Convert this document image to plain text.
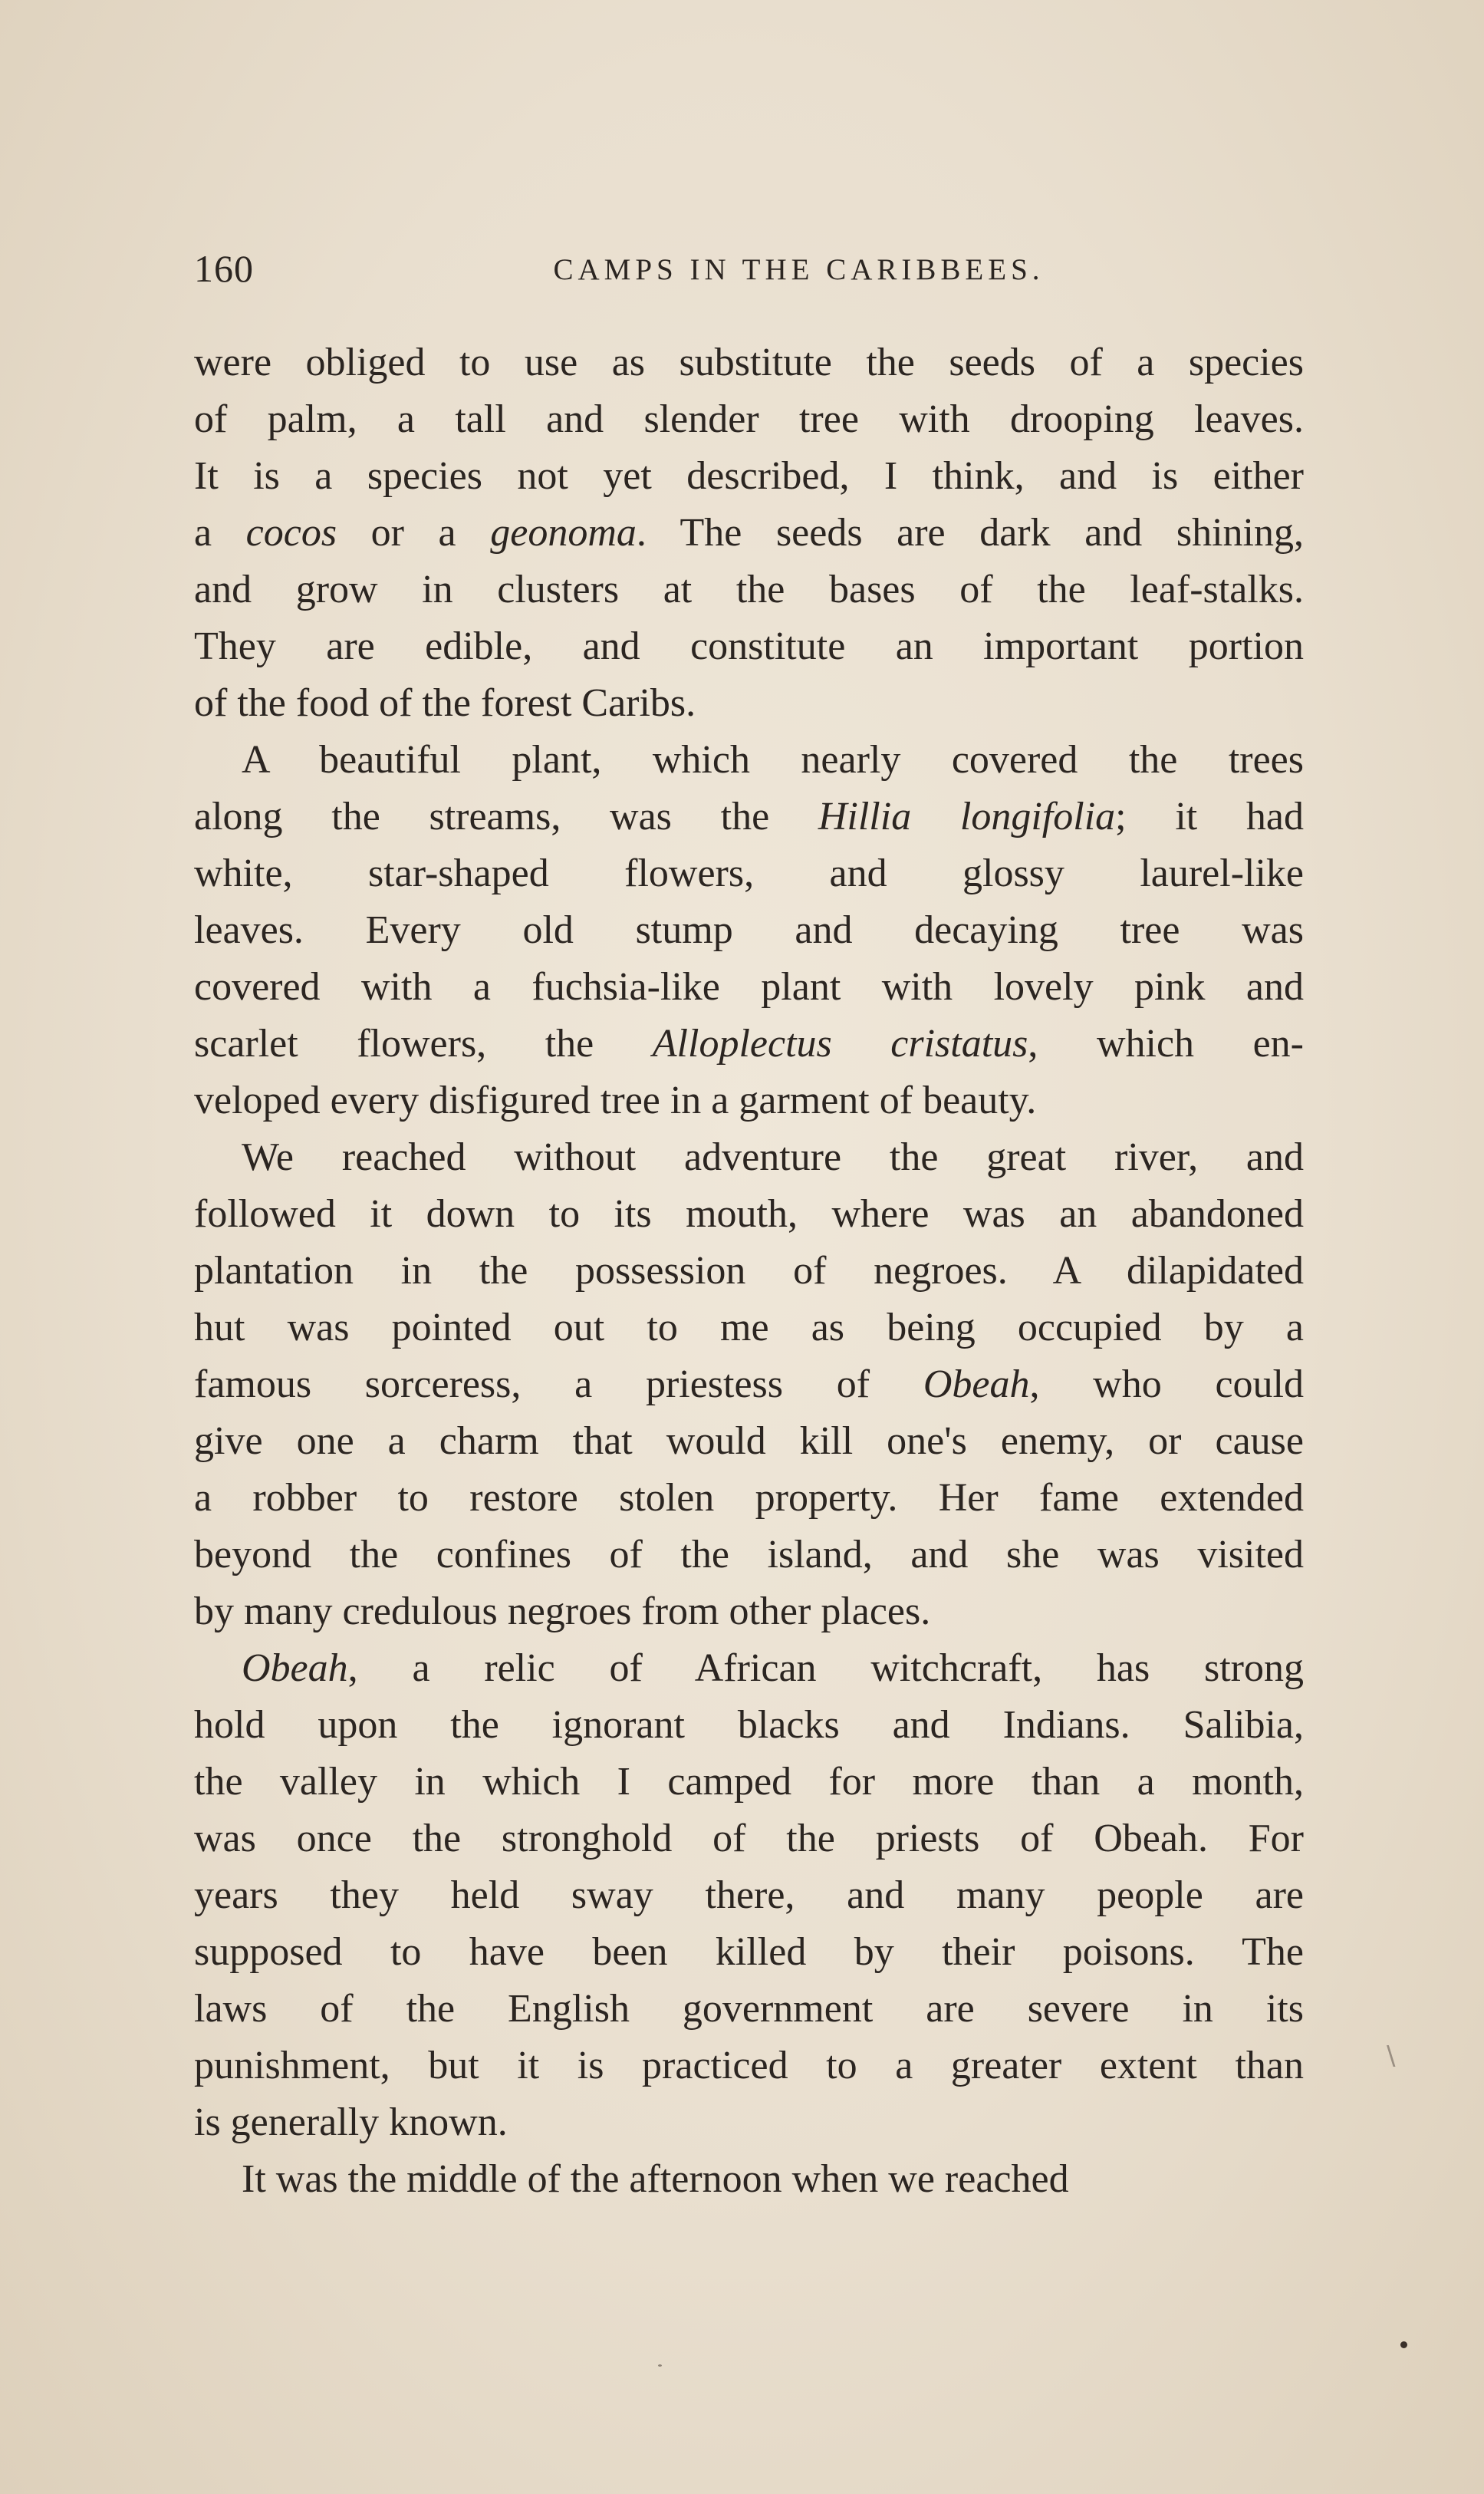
160	CAMPS IN THE CARIBBEES.
were obliged to use as substitute the seeds of a species
of palm, a tall and slender tree with drooping leaves.
It is a species not yet described, I think, and is either
a cocos or a geonoma. The seeds are dark and shining,
and grow in clusters at the bases of the leaf-stalks.
They are edible, and constitute an important portion
of the food of the forest Caribs.
A beautiful plant, which nearly covered the trees
along the streams, was the Hillia longifolia; it had
white, star-shaped flowers, and glossy laurel-like
leaves. Every old stump and decaying tree was
covered with a fuchsia-like plant with lovely pink and
scarlet flowers, the Alloplectus cristatus, which en-
veloped every disfigured tree in a garment of beauty.
We reached without adventure the great river, and
followed it down to its mouth, where was an abandoned
plantation in the possession of negroes. A dilapidated
hut was pointed out to me as being occupied by a
famous sorceress, a priestess of Obeah, who could
give one a charm that would kill one's enemy, or cause
a robber to restore stolen property. Her fame extended
beyond the confines of the island, and she was visited
by many credulous negroes from other places.
Obeah, a relic of African witchcraft, has strong
hold upon the ignorant blacks and Indians. Salibia,
the valley in which I camped for more than a month,
was once the stronghold of the priests of Obeah. For
years they held sway there, and many people are
supposed to have been killed by their poisons. The
laws of the English government are severe in its
punishment, but it is practiced to a greater extent than
is generally known.
It was the middle of the afternoon when we reached
\
